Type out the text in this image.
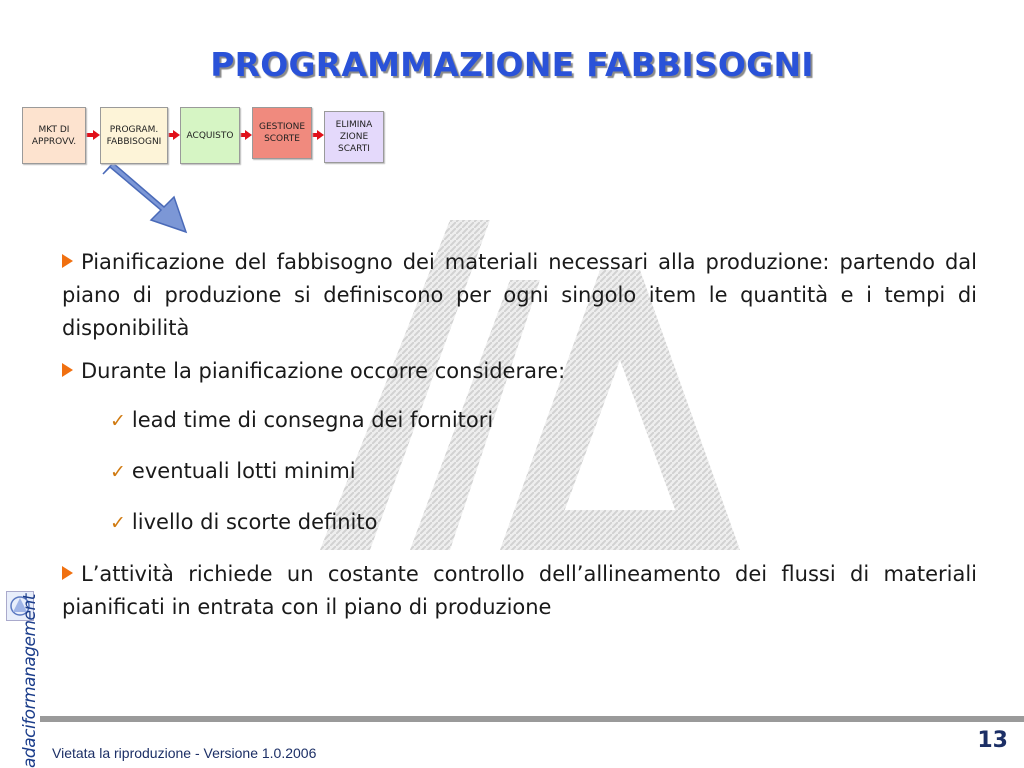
PROGRAMMAZIONE FABBISOGNI
MKT DI
APPROVV.
PROGRAM.
FABBISOGNI
ACQUISTO
GESTIONE
SCORTE
ELIMINA
ZIONE
SCARTI

Pianificazione del fabbisogno dei materiali necessari alla produzione: partendo dal piano di produzione si definiscono per ogni singolo item le quantità e i tempi di disponibilità

Durante la pianificazione occorre considerare:

✓ lead time di consegna dei fornitori

✓ eventuali lotti minimi

✓ livello di scorte definito

L’attività richiede un costante controllo dell’allineamento dei flussi di materiali pianificati in entrata con il piano di produzione

adaciformanagement Vietata la riproduzione - Versione 1.0.2006	13
